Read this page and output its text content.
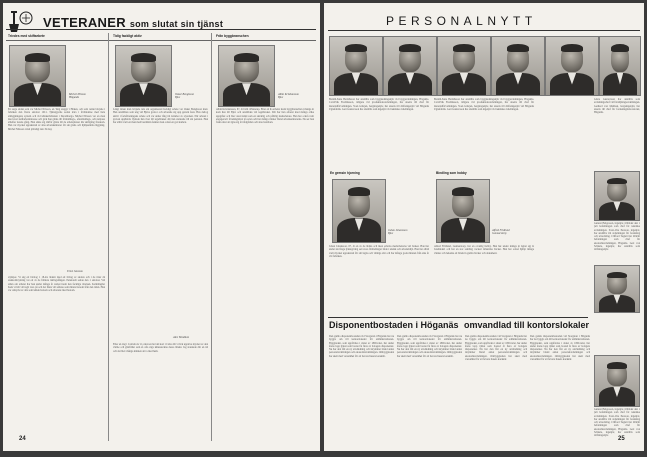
VETERANER som slutat sin tjänst
Trivdes med skiftarbete	Tidig fackligt aktiv	Från byggbranschen
Michel Nilsson
Höganäs
En stege sådan som var Michel Nilsson, en 'lång stegga' i Höken, och som redan började i fabriken den första oktober 1911. Tjänstgjorde sedan nära i förbindelse med hela anläggningens system och vid klinkerbränslen i Skromberga. Michel Nilsson var en man med stort skiftarbetsintresse och gick han gärna till förmiddags-, eftermiddags- och nattpass alltefter turens gång. Han sökte sig därför gärna till de arbetsplatser där skiftgång förekom. Han var mycket uppskattad av sina arbetskamrater för sin glada och hjälpsamma läggning. Michel Nilsson avled plötsligt den 19 maj.
Ernst Jansson
stympor. Vi såg ett förslag 1 18-års åldern med ett förlag av skolan och i de tider då stenkolsbrytning var ett av de främsta näringsfången. Pensionär sedan den 1 oktober. Vid sidan om arbetet har han under många år verkat inom den fackliga rörelsen. Kolmängder hade vi här väl tagit vara på och det finns väl sådana som minns honom från den tiden. Han var omtyckt av alla som kände honom och arbetade med honom.
Oskar Bengtsson
Bjuv
Långt innan man började tala om organiserad fackligt arbete var Oskar Bengtsson med. Han anställdes som ung vid Bjuvs gruvor och arbetade sig upp genom åren. Han deltog aktivt i fackföreningens arbete och var under lång tid ledamot av styrelsen. När arbetet i gruvan upphörde flyttade han över till tegelbruket där han stannade till sin pension. Han har alltid varit en man med bestämda åsikter men också en god kamrat.
Alex Wendium
Efter en dag i Calcutta år vi också en hel del kort i Cuba där vi fick uppleva mycket av den värme och gästfrihet som så ofta sägs känneteckna dessa länder. Jag stannade där en tid och det blev många minnen att ta med hem.
Albin Kristiansson
Bjuv
Albin Kristiansson, 67, är född i Pinnerup. Efter att ha arbetat inom byggbranschen i många år kom han till Bjuv och anställdes vid tegelbruket. Där har han arbetat med många olika uppgifter och blev snart känd som en skicklig och pålitlig medarbetare. Han har också varit engagerad i föreningslivet på orten och har många vänner bland arbetskamraterna. Nu ser han fram emot att ägna sig åt trädgården och sina barnbarn.
24
PERSONALNYTT
Bernth-Sune Bernthsson har anställts som byggnadsingenjör vid byggavdelningen, Höganäs. Carl-Erik Fredriksson, tidigare vid produktionsavdelningen, har utsetts till chef för materialförvaltningen. Sven Gräsjen, bergsingenjör, har utsetts till driftsingenjör vid Höganäs Ugnsfabrik. Gert Gustavsson har anställts som ingenjör vid tekniska avdelningen.
Bernth-Sune Bernthsson har anställts som byggnadsingenjör vid byggavdelningen, Höganäs. Carl-Erik Fredriksson, tidigare vid produktionsavdelningen, har utsetts till chef för materialförvaltningen. Sven Gräsjen, bergsingenjör, har utsetts till driftsingenjör vid Höganäs Ugnsfabrik. Gert Gustavsson har anställts som ingenjör vid tekniska avdelningen.
Gösta Gustavsson har anställts som avdelningschef vid försäljningsavdelningen. Gerhard von Malmen, bergsingenjör, har utsetts till chef för forskningslaboratoriet, Höganäs.
Gunnar Helgesson, ingenjör, tillträder den 1 juli befattningen som chef för tekniska avdelningen. Sven-Ove Persson, ingenjör, har anställts vid avdelningen för forskning och utveckling. Clifford Tegnér har tillträtt befattningen som chef för ekonomiavdelningen, Höganäs. Gert von Schéele, ingenjör, har anställts som driftsingenjör.
En gemsin hjorning
Johan Johansson
Bjuv
Johan Johansson, 67, är en av de äldsta och mest erfarna medarbetarna vid bruket. Han har under sin långa tjänstgöring sett stora förändringar både i teknik och arbetsmiljö. Han har alltid varit mycket uppskattad för sitt lugna och vänliga sätt och har många goda minnen från sina år vid fabriken.
Bindling som hobby
Alfred Fridlund
Gunnarstorp
Alfred Fridlund, Gunnarstorp, har en ovanlig hobby. Han har under många år ägnat sig åt bokbinderi och har en stor samling vackert inbundna böcker. Han har också hjälpt många vänner och bekanta att binda in gamla böcker och dokument.
Disponentbostaden i Höganäs omvandlad till kontorslokaler
Den gamla disponentbostaden vid Storgatan i Höganäs har nu byggts om till kontorslokaler för administrationen. Byggnaden, som uppfördes i slutet av 1800-talet, har under årens lopp tjänat som bostad åt flera av bolagets disponenter. Nu har den fått en ny användning och inrymmer bland annat personalavdelningen och ekonomiavdelningen. Ombyggnaden har skett med varsamhet för att bevara husets karaktär.
Den gamla disponentbostaden vid Storgatan i Höganäs har nu byggts om till kontorslokaler för administrationen. Byggnaden, som uppfördes i slutet av 1800-talet, har under årens lopp tjänat som bostad åt flera av bolagets disponenter. Nu har den fått en ny användning och inrymmer bland annat personalavdelningen och ekonomiavdelningen. Ombyggnaden har skett med varsamhet för att bevara husets karaktär.
Den gamla disponentbostaden vid Storgatan i Höganäs har nu byggts om till kontorslokaler för administrationen. Byggnaden, som uppfördes i slutet av 1800-talet, har under årens lopp tjänat som bostad åt flera av bolagets disponenter. Nu har den fått en ny användning och inrymmer bland annat personalavdelningen och ekonomiavdelningen. Ombyggnaden har skett med varsamhet för att bevara husets karaktär.
Den gamla disponentbostaden vid Storgatan i Höganäs har nu byggts om till kontorslokaler för administrationen. Byggnaden, som uppfördes i slutet av 1800-talet, har under årens lopp tjänat som bostad åt flera av bolagets disponenter. Nu har den fått en ny användning och inrymmer bland annat personalavdelningen och ekonomiavdelningen. Ombyggnaden har skett med varsamhet för att bevara husets karaktär.
Gunnar Helgesson, ingenjör, tillträder den 1 juli befattningen som chef för tekniska avdelningen. Sven-Ove Persson, ingenjör, har anställts vid avdelningen för forskning och utveckling. Clifford Tegnér har tillträtt befattningen som chef för ekonomiavdelningen, Höganäs. Gert von Schéele, ingenjör, har anställts som driftsingenjör.
25
